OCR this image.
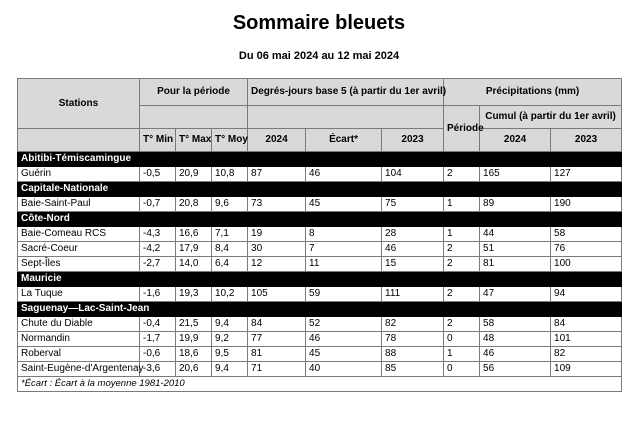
Sommaire bleuets
Du 06 mai 2024 au 12 mai 2024
Stations	Pour la période			Degrés-jours base 5 (à partir du 1er avril)			Précipitations (mm)		
							Période	Cumul (à partir du 1er avril)	
	T° Min	T° Max	T° Moy	2024	Écart*	2023		2024	2023
Abitibi-Témiscamingue									
Guérin	-0,5	20,9	10,8	87	46	104	2	165	127
Capitale-Nationale									
Baie-Saint-Paul	-0,7	20,8	9,6	73	45	75	1	89	190
Côte-Nord									
Baie-Comeau RCS	-4,3	16,6	7,1	19	8	28	1	44	58
Sacré-Coeur	-4,2	17,9	8,4	30	7	46	2	51	76
Sept-Îles	-2,7	14,0	6,4	12	11	15	2	81	100
Mauricie									
La Tuque	-1,6	19,3	10,2	105	59	111	2	47	94
Saguenay—Lac-Saint-Jean									
Chute du Diable	-0,4	21,5	9,4	84	52	82	2	58	84
Normandin	-1,7	19,9	9,2	77	46	78	0	48	101
Roberval	-0,6	18,6	9,5	81	45	88	1	46	82
Saint-Eugène-d'Argentenay	-3,6	20,6	9,4	71	40	85	0	56	109
*Écart : Écart à la moyenne 1981-2010									
